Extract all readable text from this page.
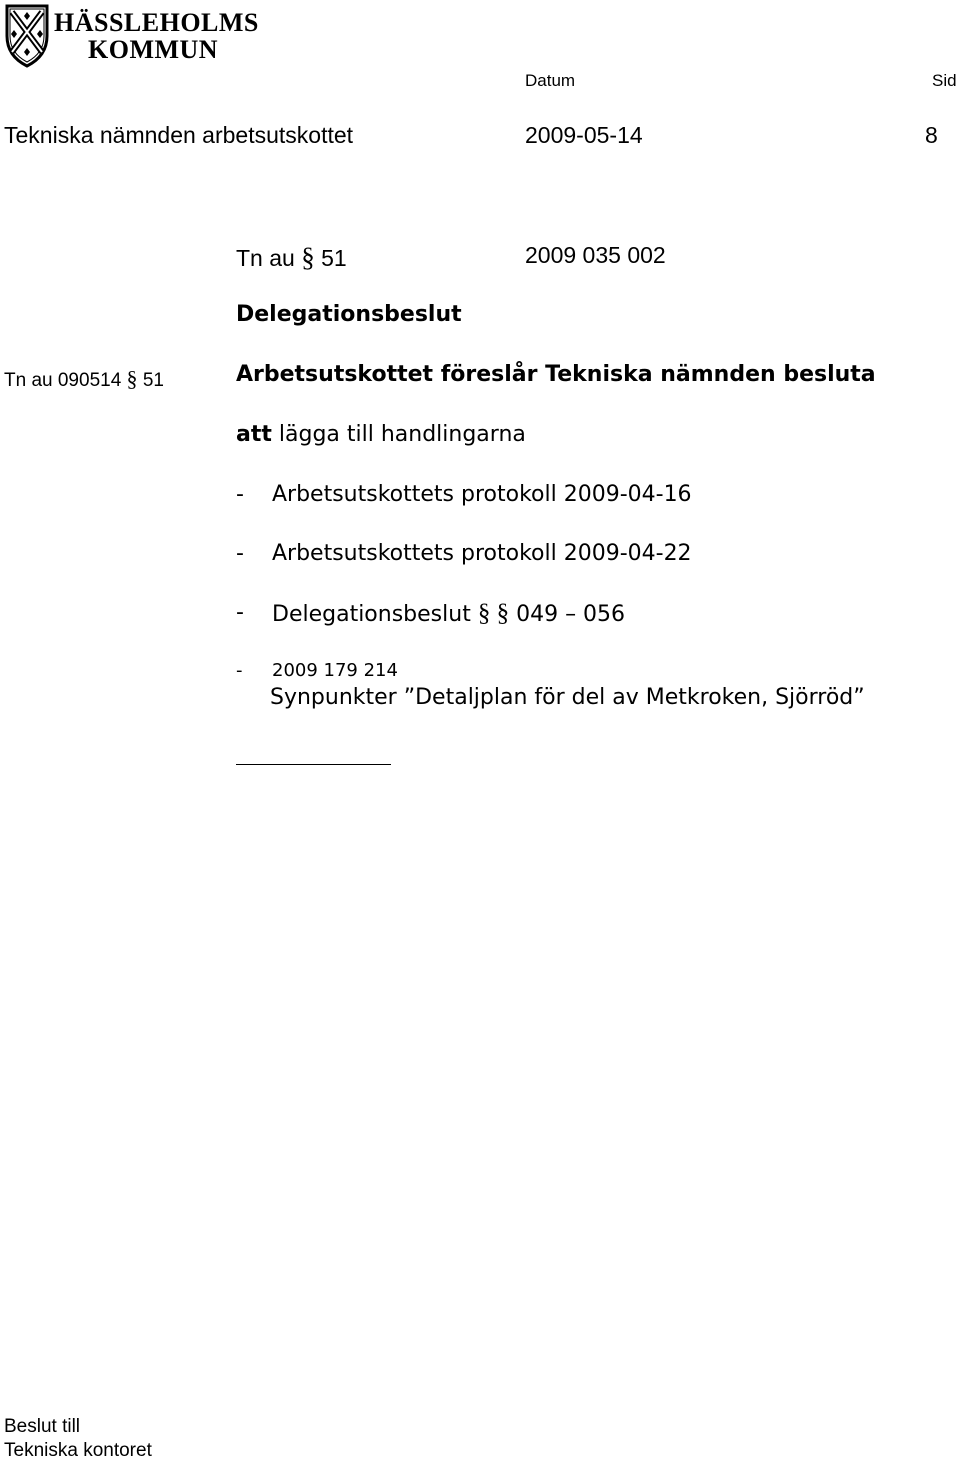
HÄSSLEHOLMS
KOMMUN
Datum	Sid
Tekniska nämnden arbetsutskottet	2009-05-14	8
Tn au § 51	2009 035 002
Delegationsbeslut
Tn au 090514 § 51	Arbetsutskottet föreslår Tekniska nämnden besluta
att lägga till handlingarna
- Arbetsutskottets protokoll 2009-04-16
- Arbetsutskottets protokoll 2009-04-22
- Delegationsbeslut § § 049 – 056
- 2009 179 214
Synpunkter ”Detaljplan för del av Metkroken, Sjörröd”
Beslut till
Tekniska kontoret
